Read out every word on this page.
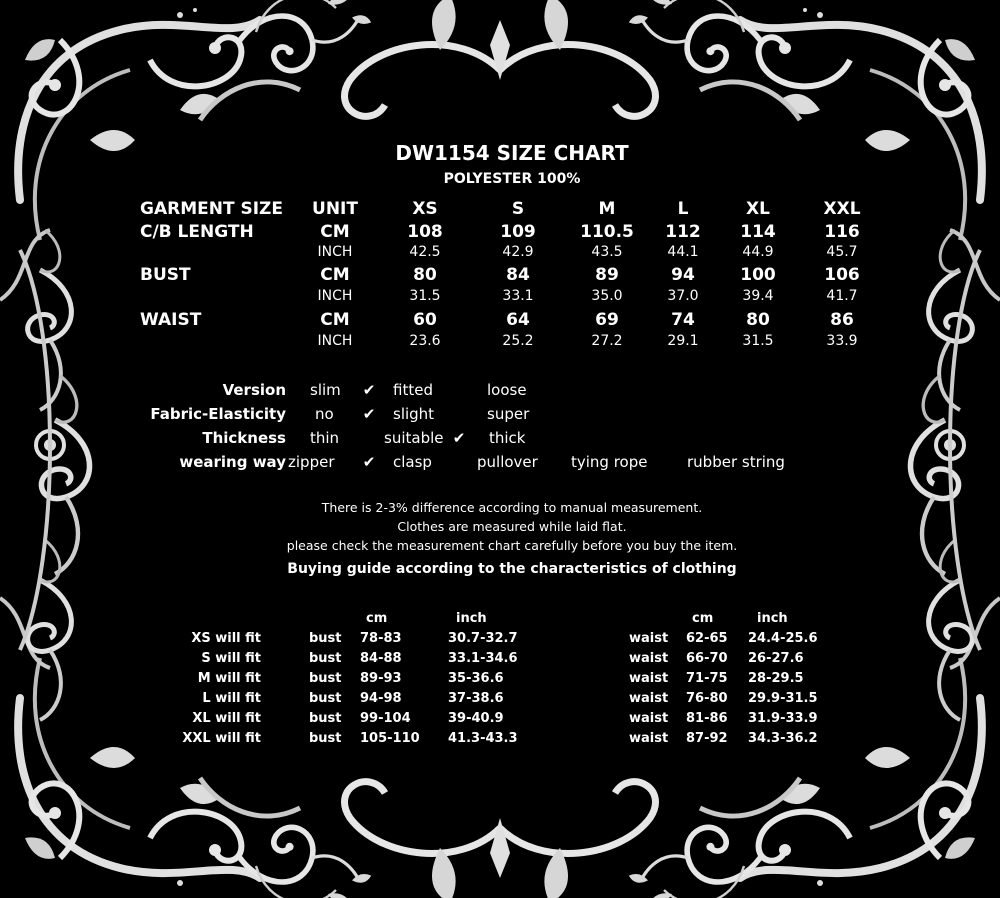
DW1154 SIZE CHART
POLYESTER 100%
GARMENT SIZE UNIT	XS	S	M	L	XL	XXL
C/B LENGTH	CM	108	109	110.5 112 114	116
INCH	42.5	42.9	43.5	44.1	44.9	45.7
BUST	CM	80	84	89	94	100	106
INCH	31.5	33.1	35.0	37.0	39.4	41.7
WAIST	CM	60	64	69	74	80	86
INCH	23.6	25.2	27.2	29.1	31.5	33.9
Version slim ✔ fitted	loose
Fabric-Elasticity no ✔ slight	super
Thickness thin	suitable ✔ thick
wearing way zipper ✔ clasp	pullover tying rope	rubber string
There is 2-3% difference according to manual measurement.
Clothes are measured while laid flat.
please check the measurement chart carefully before you buy the item.
Buying guide according to the characteristics of clothing
cm	inch	cm	inch
XS will fit	bust 78-83	30.7-32.7	waist 62-65 24.4-25.6
S will fit	bust 84-88	33.1-34.6	waist 66-70 26-27.6
M will fit	bust 89-93	35-36.6	waist 71-75 28-29.5
L will fit	bust 94-98	37-38.6	waist 76-80 29.9-31.5
XL will fit	bust 99-104	39-40.9	waist 81-86 31.9-33.9
XXL will fit	bust 105-110 41.3-43.3	waist 87-92 34.3-36.2
